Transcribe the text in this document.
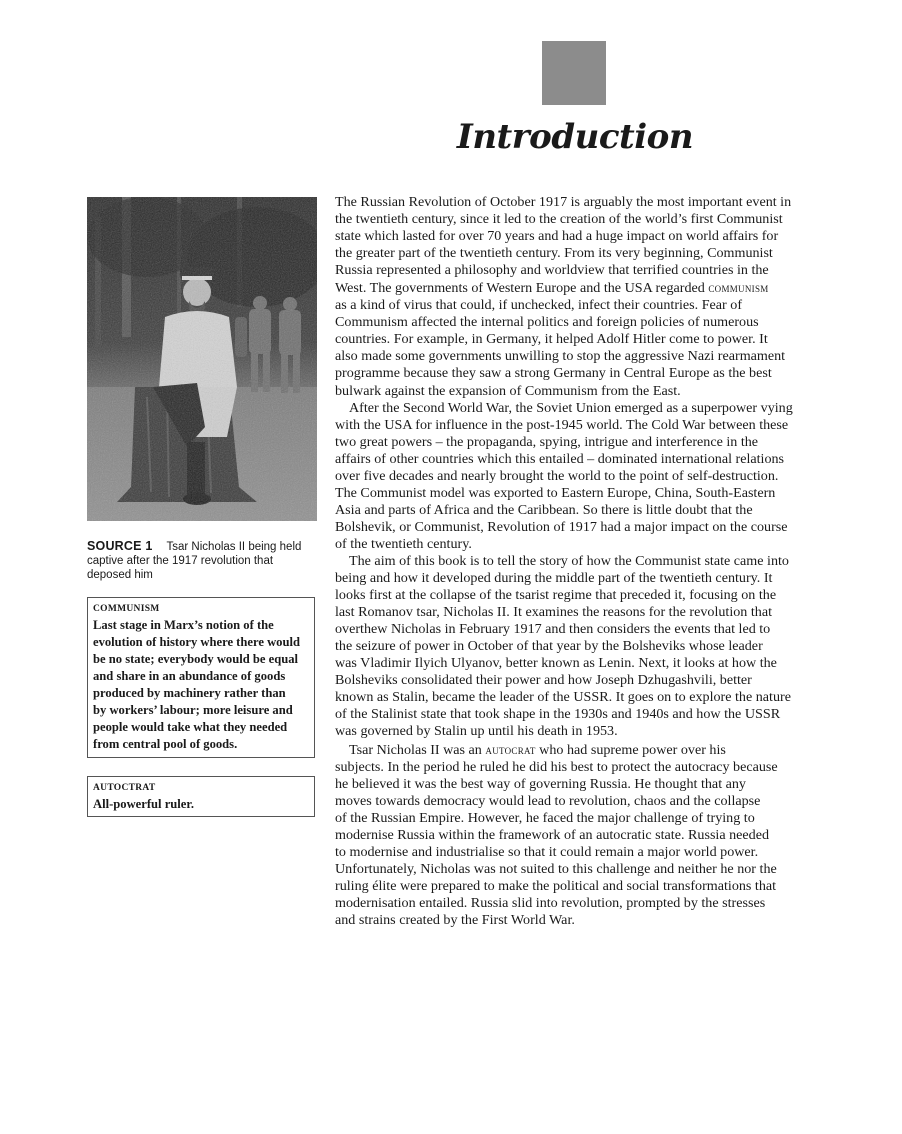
Introduction
SOURCE 1 Tsar Nicholas II being held captive after the 1917 revolution that deposed him
COMMUNISM
Last stage in Marx’s notion of the
evolution of history where there would
be no state; everybody would be equal
and share in an abundance of goods
produced by machinery rather than
by workers’ labour; more leisure and
people would take what they needed
from central pool of goods.
AUTOCTRAT
All-powerful ruler.

The Russian Revolution of October 1917 is arguably the most important event in
the twentieth century, since it led to the creation of the world’s first Communist
state which lasted for over 70 years and had a huge impact on world affairs for
the greater part of the twentieth century. From its very beginning, Communist
Russia represented a philosophy and worldview that terrified countries in the
West. The governments of Western Europe and the USA regarded communism
as a kind of virus that could, if unchecked, infect their countries. Fear of
Communism affected the internal politics and foreign policies of numerous
countries. For example, in Germany, it helped Adolf Hitler come to power. It
also made some governments unwilling to stop the aggressive Nazi rearmament
programme because they saw a strong Germany in Central Europe as the best
bulwark against the expansion of Communism from the East.

After the Second World War, the Soviet Union emerged as a superpower vying
with the USA for influence in the post-1945 world. The Cold War between these
two great powers – the propaganda, spying, intrigue and interference in the
affairs of other countries which this entailed – dominated international relations
over five decades and nearly brought the world to the point of self-destruction.
The Communist model was exported to Eastern Europe, China, South-Eastern
Asia and parts of Africa and the Caribbean. So there is little doubt that the
Bolshevik, or Communist, Revolution of 1917 had a major impact on the course
of the twentieth century.

The aim of this book is to tell the story of how the Communist state came into
being and how it developed during the middle part of the twentieth century. It
looks first at the collapse of the tsarist regime that preceded it, focusing on the
last Romanov tsar, Nicholas II. It examines the reasons for the revolution that
overthew Nicholas in February 1917 and then considers the events that led to
the seizure of power in October of that year by the Bolsheviks whose leader
was Vladimir Ilyich Ulyanov, better known as Lenin. Next, it looks at how the
Bolsheviks consolidated their power and how Joseph Dzhugashvili, better
known as Stalin, became the leader of the USSR. It goes on to explore the nature
of the Stalinist state that took shape in the 1930s and 1940s and how the USSR
was governed by Stalin up until his death in 1953.

Tsar Nicholas II was an autocrat who had supreme power over his
subjects. In the period he ruled he did his best to protect the autocracy because
he believed it was the best way of governing Russia. He thought that any
moves towards democracy would lead to revolution, chaos and the collapse
of the Russian Empire. However, he faced the major challenge of trying to
modernise Russia within the framework of an autocratic state. Russia needed
to modernise and industrialise so that it could remain a major world power.
Unfortunately, Nicholas was not suited to this challenge and neither he nor the
ruling élite were prepared to make the political and social transformations that
modernisation entailed. Russia slid into revolution, prompted by the stresses
and strains created by the First World War.
